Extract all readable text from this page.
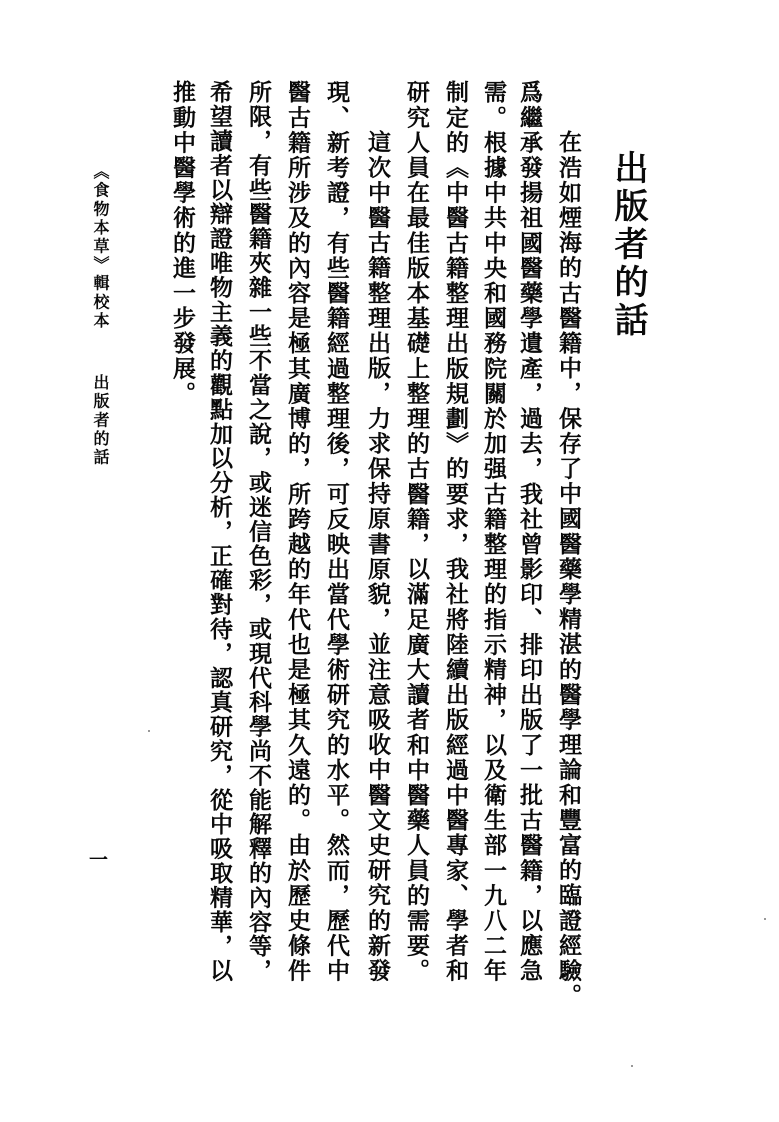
出版者的話
在浩如煙海的古醫籍中，保存了中國醫藥學精湛的醫學理論和豐富的臨證經驗。
爲繼承發揚祖國醫藥學遺產，過去，我社曾影印、排印出版了一批古醫籍，以應急
需。根據中共中央和國務院關於加强古籍整理的指示精神，以及衛生部一九八二年
制定的《中醫古籍整理出版規劃》的要求，我社將陸續出版經過中醫專家、學者和
研究人員在最佳版本基礎上整理的古醫籍，以滿足廣大讀者和中醫藥人員的需要。
這次中醫古籍整理出版，力求保持原書原貌，並注意吸收中醫文史研究的新發
現、新考證，有些醫籍經過整理後，可反映出當代學術研究的水平。然而，歷代中
醫古籍所涉及的內容是極其廣博的，所跨越的年代也是極其久遠的。由於歷史條件
所限，有些醫籍夾雜一些不當之說，或迷信色彩，或現代科學尚不能解釋的內容等，
希望讀者以辯證唯物主義的觀點加以分析，正確對待，認真研究，從中吸取精華，以
推動中醫學術的進一步發展。
《食物本草》輯校本
出版者的話
一
